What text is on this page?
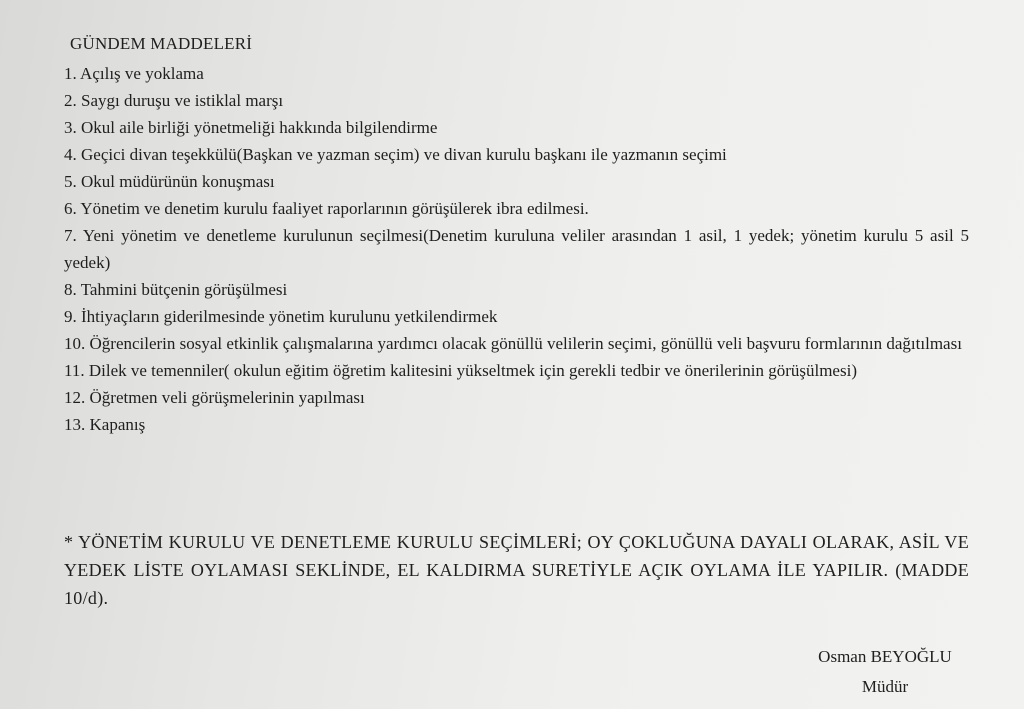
GÜNDEM MADDELERİ
1. Açılış ve yoklama
2. Saygı duruşu ve istiklal marşı
3. Okul aile birliği yönetmeliği hakkında bilgilendirme
4. Geçici divan teşekkülü(Başkan ve yazman seçim) ve divan kurulu başkanı ile yazmanın seçimi
5. Okul müdürünün konuşması
6. Yönetim ve denetim kurulu faaliyet raporlarının görüşülerek ibra edilmesi.
7. Yeni yönetim ve denetleme kurulunun seçilmesi(Denetim kuruluna veliler arasından 1 asil, 1 yedek; yönetim kurulu 5 asil 5 yedek)
8. Tahmini bütçenin görüşülmesi
9. İhtiyaçların giderilmesinde yönetim kurulunu yetkilendirmek
10. Öğrencilerin sosyal etkinlik çalışmalarına yardımcı olacak gönüllü velilerin seçimi, gönüllü veli başvuru formlarının dağıtılması
11. Dilek ve temenniler( okulun eğitim öğretim kalitesini yükseltmek için gerekli tedbir ve önerilerinin görüşülmesi)
12. Öğretmen veli görüşmelerinin yapılması
13. Kapanış
* YÖNETİM KURULU VE DENETLEME KURULU SEÇİMLERİ; OY ÇOKLUĞUNA DAYALI OLARAK, ASİL VE YEDEK LİSTE OYLAMASI SEKLİNDE, EL KALDIRMA SURETİYLE AÇIK OYLAMA İLE YAPILIR. (MADDE 10/d).
Osman BEYOĞLU
Müdür
